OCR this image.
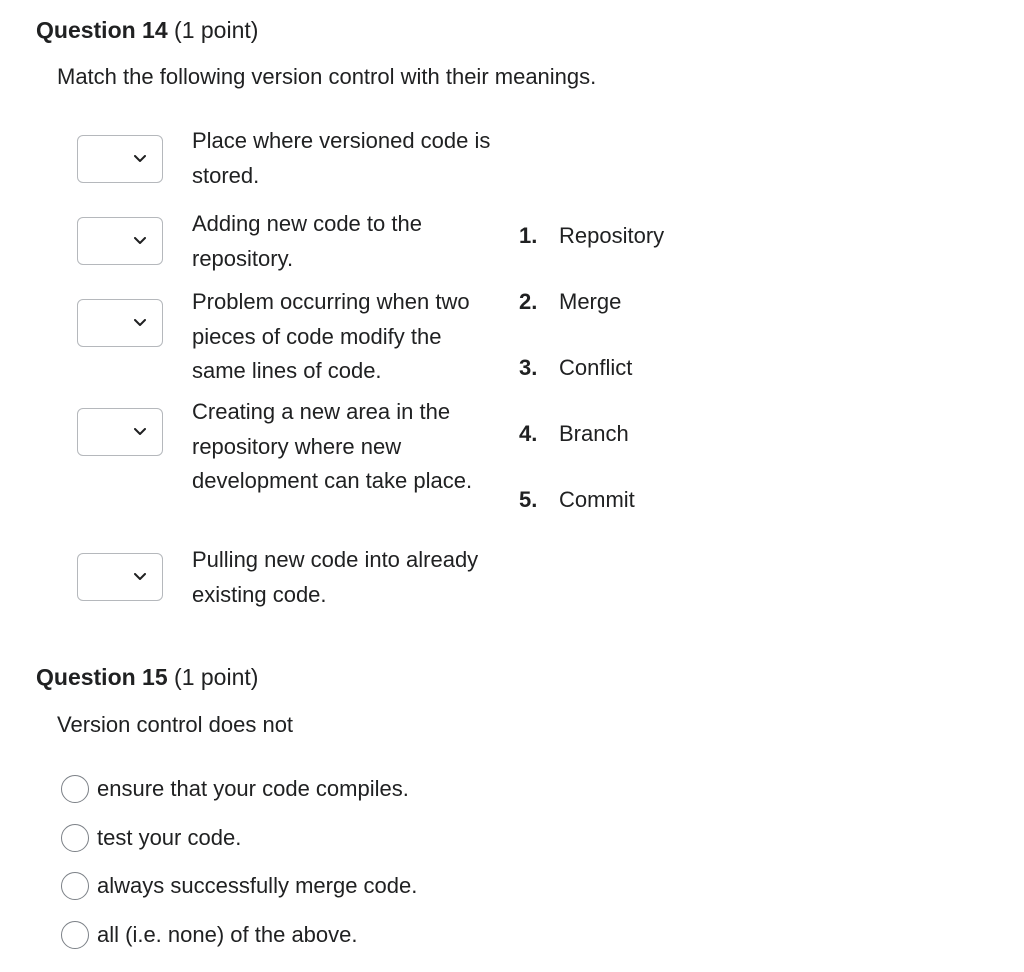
Question 14 (1 point)
Match the following version control with their meanings.
Place where versioned code is stored.
Adding new code to the repository.
Problem occurring when two pieces of code modify the same lines of code.
Creating a new area in the repository where new development can take place.
Pulling new code into already existing code.
1. Repository
2. Merge
3. Conflict
4. Branch
5. Commit
Question 15 (1 point)
Version control does not
ensure that your code compiles.
test your code.
always successfully merge code.
all (i.e. none) of the above.
